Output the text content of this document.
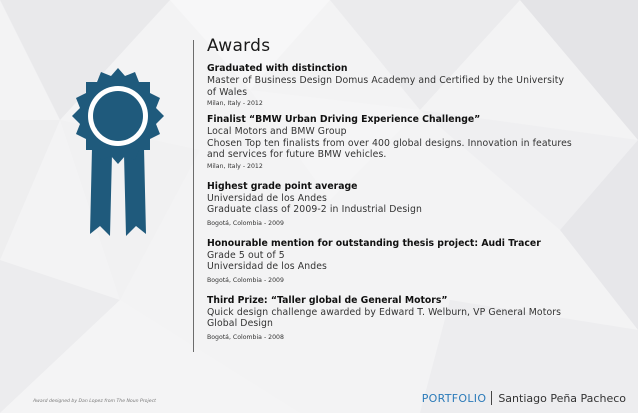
Awards
Graduated with distinction
Master of Business Design Domus Academy and Certified by the University
of Wales
Milan, Italy - 2012
Finalist “BMW Urban Driving Experience Challenge”
Local Motors and BMW Group
Chosen Top ten finalists from over 400 global designs. Innovation in features
and services for future BMW vehicles.
Milan, Italy - 2012
Highest grade point average
Universidad de los Andes
Graduate class of 2009-2 in Industrial Design
Bogotá, Colombia - 2009
Honourable mention for outstanding thesis project: Audi Tracer
Grade 5 out of 5
Universidad de los Andes
Bogotá, Colombia - 2009
Third Prize: “Taller global de General Motors”
Quick design challenge awarded by Edward T. Welburn, VP General Motors
Global Design
Bogotá, Colombia - 2008
Award designed by Dan Lopez from The Noun Project	PORTFOLIO Santiago Peña Pacheco
